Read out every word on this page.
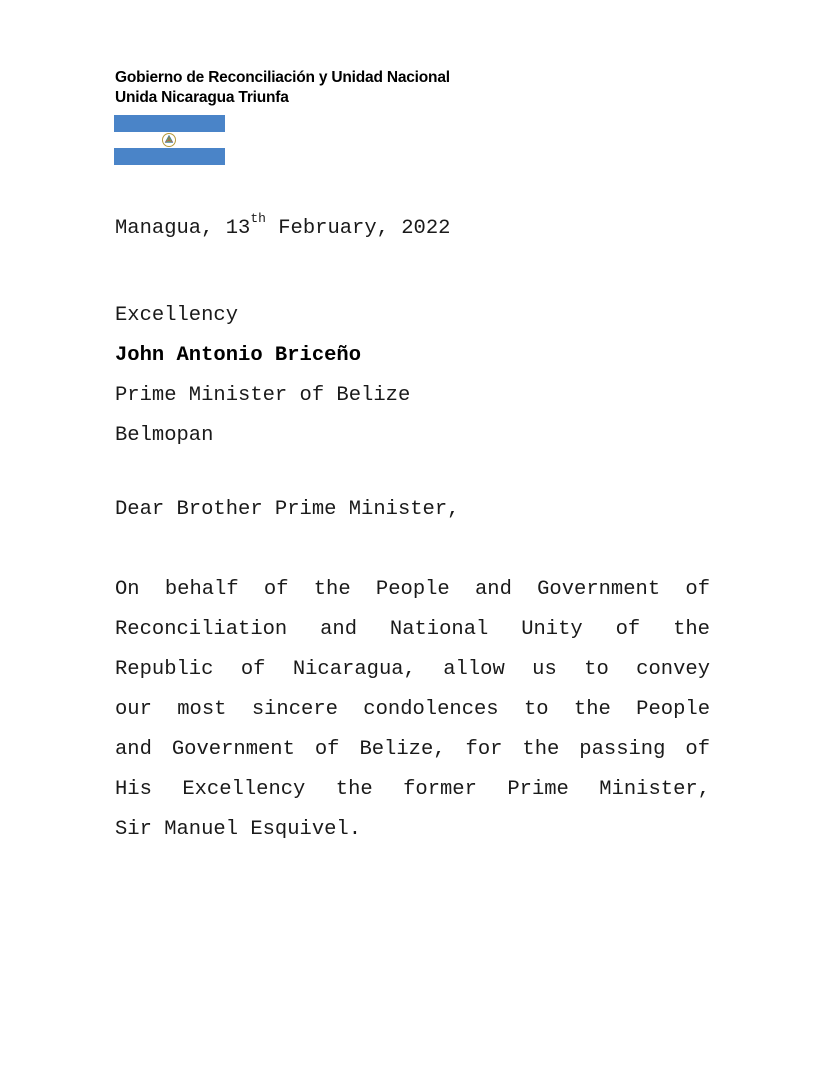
Gobierno de Reconciliación y Unidad Nacional
Unida Nicaragua Triunfa
Managua, 13th February, 2022
Excellency
John Antonio Briceño
Prime Minister of Belize
Belmopan
Dear Brother Prime Minister,
On behalf of the People and Government of
Reconciliation and National Unity of the
Republic of Nicaragua, allow us to convey
our most sincere condolences to the People
and Government of Belize, for the passing of
His Excellency the former Prime Minister,
Sir Manuel Esquivel.
